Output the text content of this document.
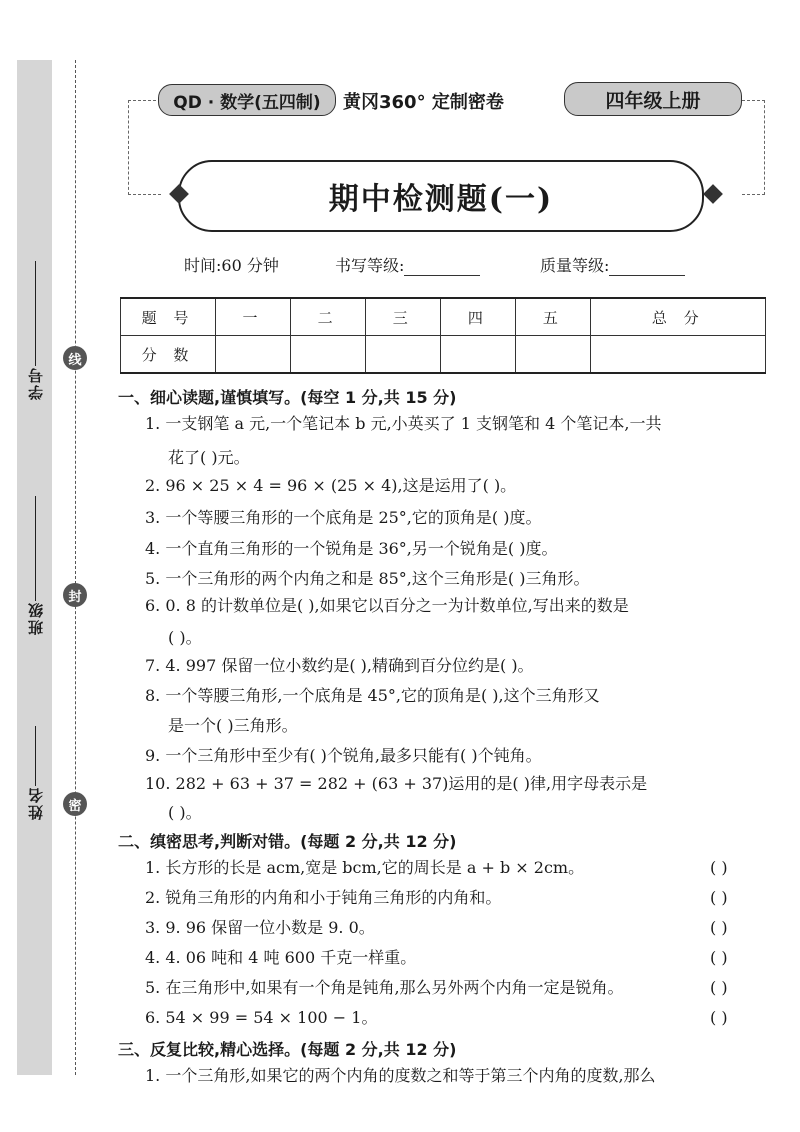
学号
班级
姓名
线
封
密
QD · 数学(五四制)	黄冈360° 定制密卷	四年级上册
期中检测题(一)
时间:60 分钟	书写等级:	质量等级:
题 号	一	二	三	四	五	总 分
分 数						
一、细心读题,谨慎填写。(每空 1 分,共 15 分)
1. 一支钢笔 a 元,一个笔记本 b 元,小英买了 1 支钢笔和 4 个笔记本,一共
花了( )元。
2. 96 × 25 × 4 = 96 × (25 × 4),这是运用了( )。
3. 一个等腰三角形的一个底角是 25°,它的顶角是( )度。
4. 一个直角三角形的一个锐角是 36°,另一个锐角是( )度。
5. 一个三角形的两个内角之和是 85°,这个三角形是( )三角形。
6. 0. 8 的计数单位是( ),如果它以百分之一为计数单位,写出来的数是
( )。
7. 4. 997 保留一位小数约是( ),精确到百分位约是( )。
8. 一个等腰三角形,一个底角是 45°,它的顶角是( ),这个三角形又
是一个( )三角形。
9. 一个三角形中至少有( )个锐角,最多只能有( )个钝角。
10. 282 + 63 + 37 = 282 + (63 + 37)运用的是( )律,用字母表示是
( )。
二、缜密思考,判断对错。(每题 2 分,共 12 分)
1. 长方形的长是 acm,宽是 bcm,它的周长是 a + b × 2cm。	( )
2. 锐角三角形的内角和小于钝角三角形的内角和。	( )
3. 9. 96 保留一位小数是 9. 0。	( )
4. 4. 06 吨和 4 吨 600 千克一样重。	( )
5. 在三角形中,如果有一个角是钝角,那么另外两个内角一定是锐角。	( )
6. 54 × 99 = 54 × 100 − 1。	( )
三、反复比较,精心选择。(每题 2 分,共 12 分)
1. 一个三角形,如果它的两个内角的度数之和等于第三个内角的度数,那么
